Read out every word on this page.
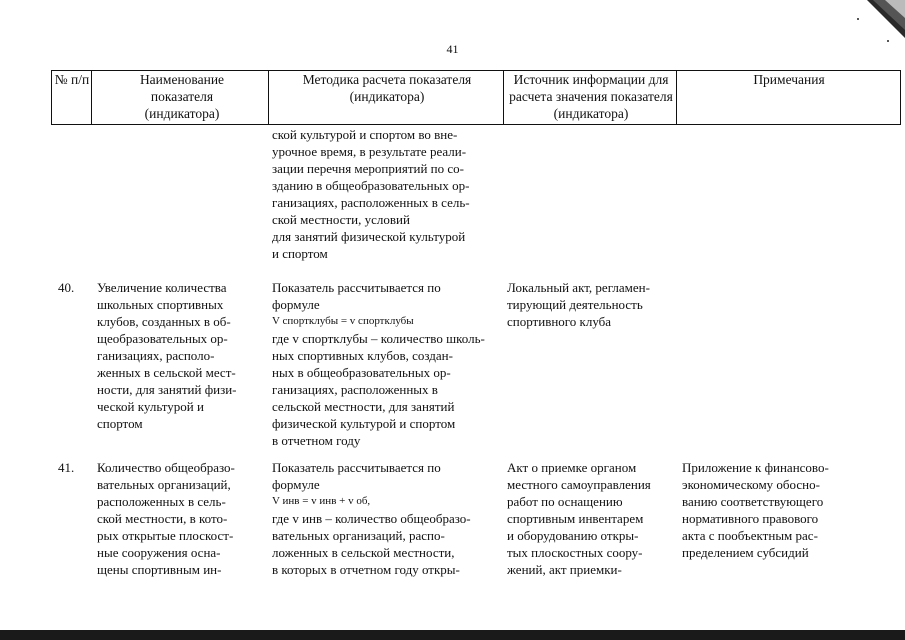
41
№ п/п	Наименование показателя (индикатора)
Методика расчета показателя (индикатора)
Источник информации для расчета значения показателя (индикатора)
Примечания
ской культурой и спортом во вне-
урочное время, в результате реали-
зации перечня мероприятий по со-
зданию в общеобразовательных ор-
ганизациях, расположенных в сель-
ской местности, условий
для занятий физической культурой
и спортом
40. Увеличение количества
школьных спортивных
клубов, созданных в об-
щеобразовательных ор-
ганизациях, располо-
женных в сельской мест-
ности, для занятий физи-
ческой культурой и
спортом
Показатель рассчитывается по
формуле
V спортклубы = v спортклубы
где v спортклубы – количество школь-
ных спортивных клубов, создан-
ных в общеобразовательных ор-
ганизациях, расположенных в
сельской местности, для занятий
физической культурой и спортом
в отчетном году
Локальный акт, регламен-
тирующий деятельность
спортивного клуба
41. Количество общеобразо-
вательных организаций,
расположенных в сель-
ской местности, в кото-
рых открытые плоскост-
ные сооружения осна-
щены спортивным ин-
Показатель рассчитывается по
формуле
V инв = v инв + v об,
где v инв – количество общеобразо-
вательных организаций, распо-
ложенных в сельской местности,
в которых в отчетном году откры-
Акт о приемке органом
местного самоуправления
работ по оснащению
спортивным инвентарем
и оборудованию откры-
тых плоскостных соору-
жений, акт приемки-
Приложение к финансово-
экономическому обосно-
ванию соответствующего
нормативного правового
акта с пообъектным рас-
пределением субсидий
